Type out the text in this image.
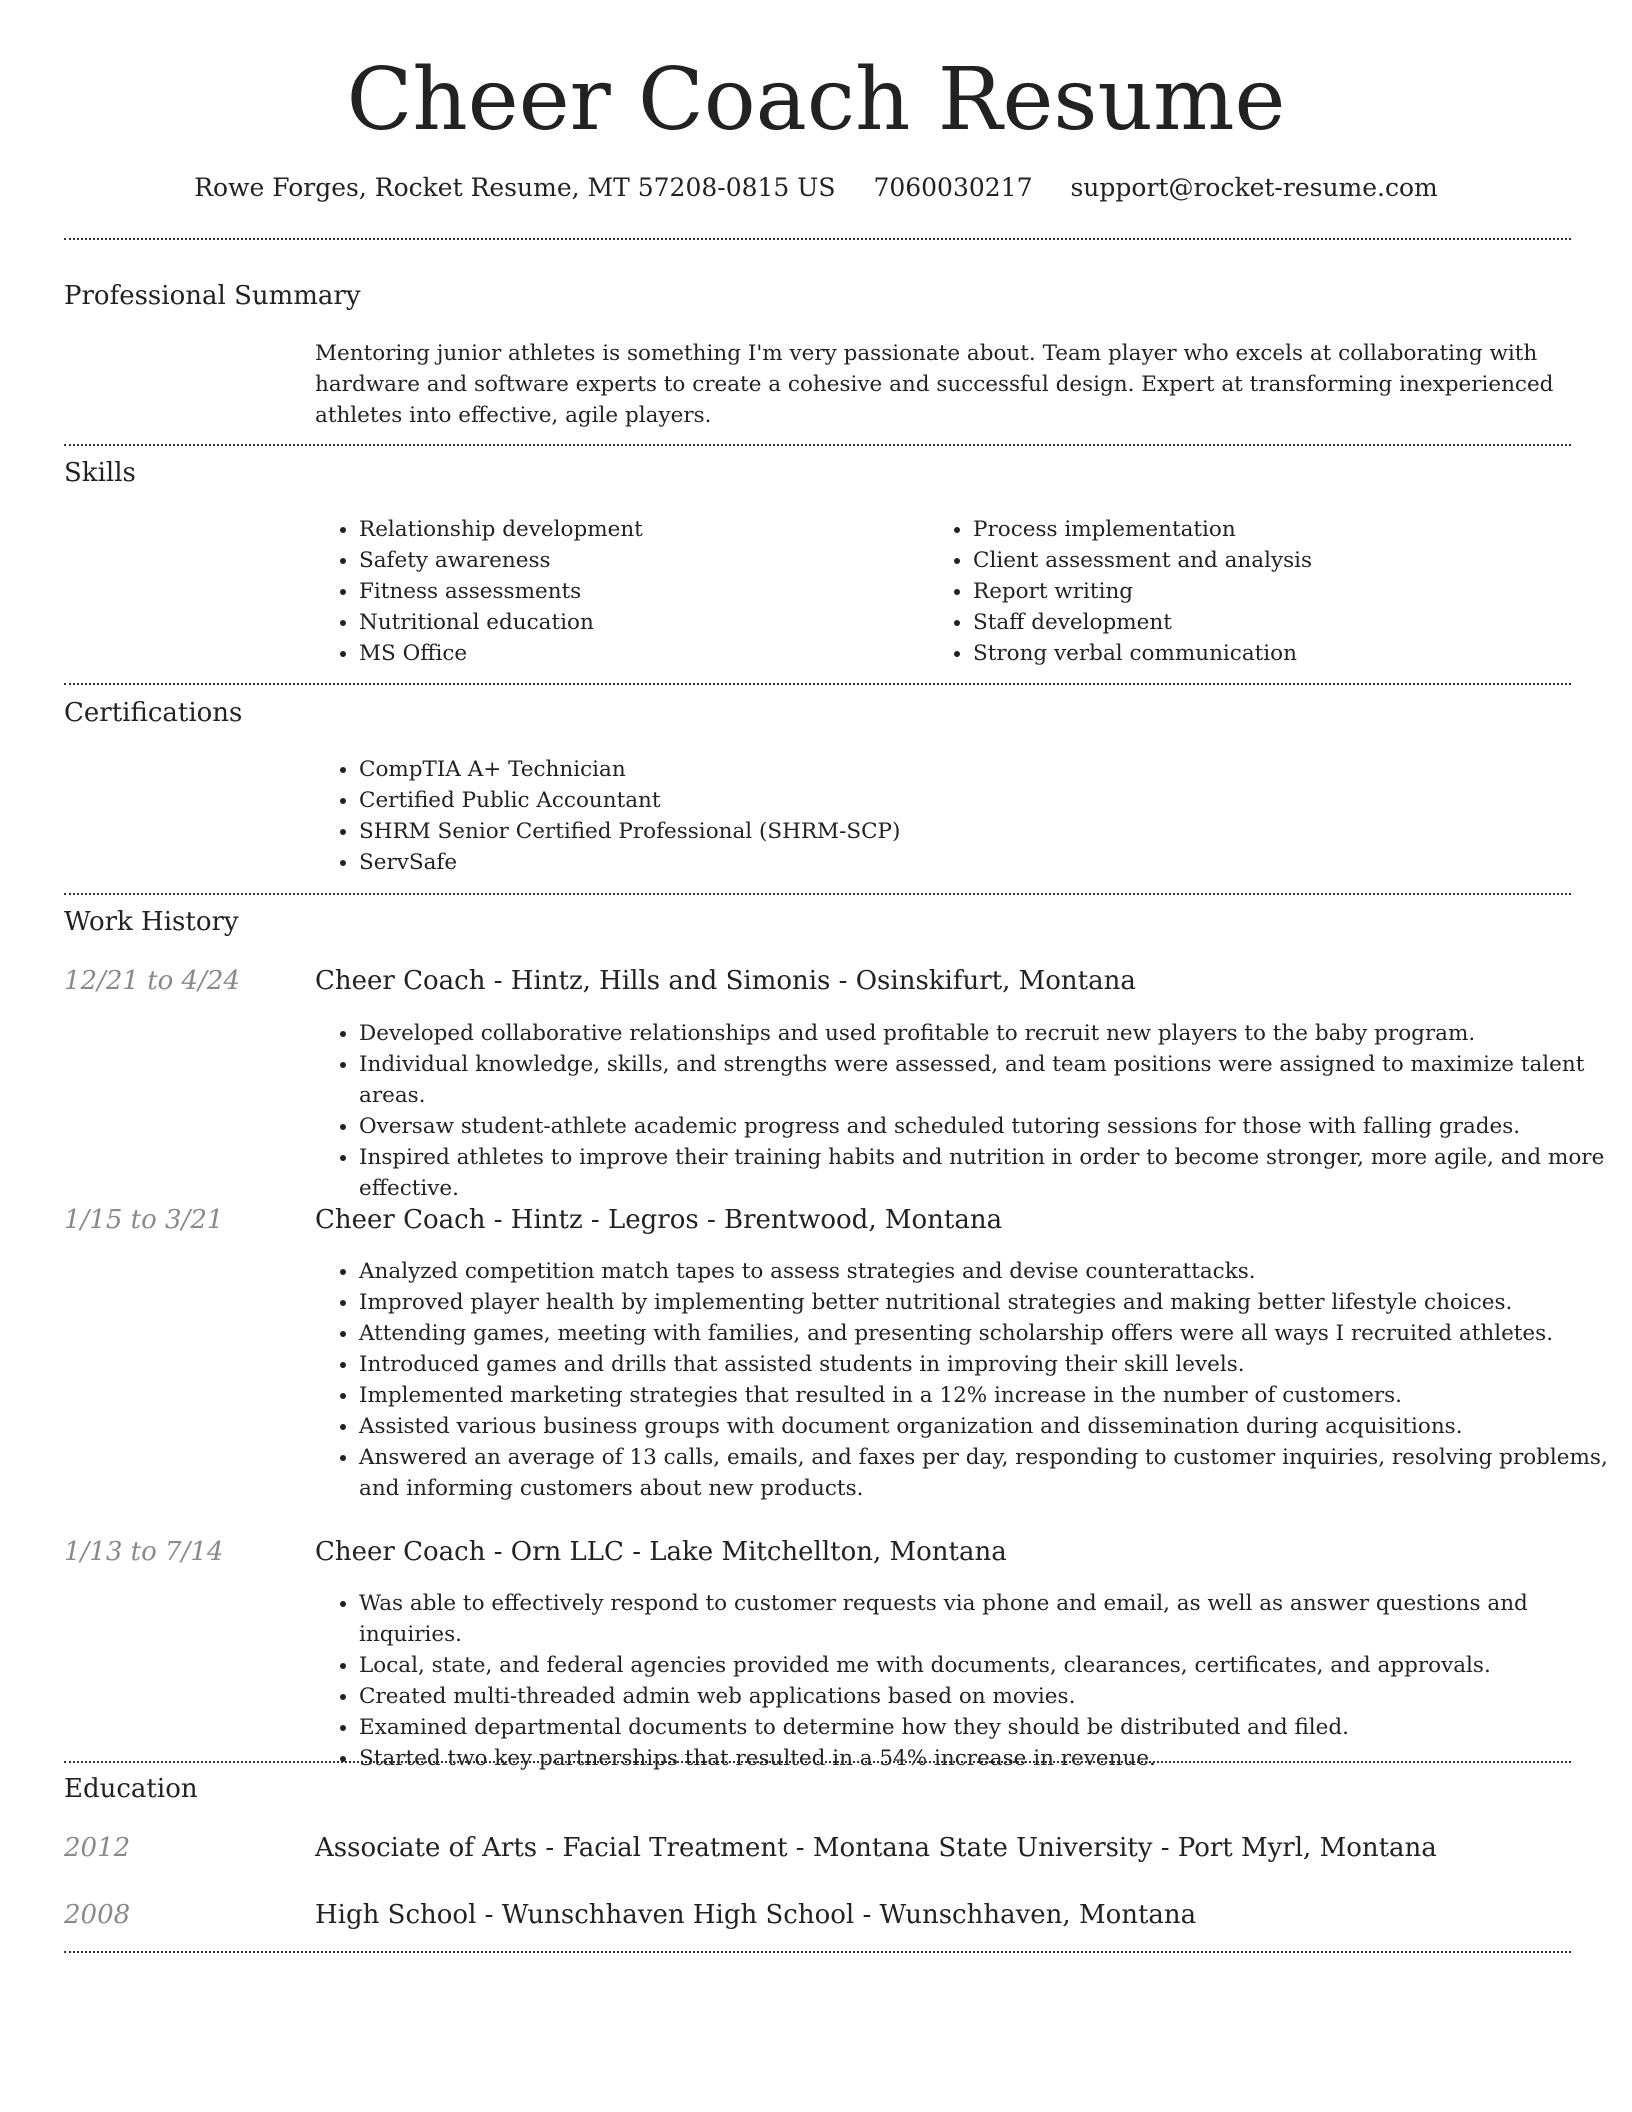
Cheer Coach Resume
Rowe Forges, Rocket Resume, MT 57208-0815 US 7060030217 support@rocket-resume.com
Professional Summary

Mentoring junior athletes is something I'm very passionate about. Team player who excels at collaborating with hardware and software experts to create a cohesive and successful design. Expert at transforming inexperienced athletes into effective, agile players.

Skills
• Relationship development
• Safety awareness
• Fitness assessments
• Nutritional education
• MS Office
• Process implementation
• Client assessment and analysis
• Report writing
• Staff development
• Strong verbal communication
Certifications
• CompTIA A+ Technician
• Certified Public Accountant
• SHRM Senior Certified Professional (SHRM-SCP)
• ServSafe
Work History
12/21 to 4/24	Cheer Coach - Hintz, Hills and Simonis - Osinskifurt, Montana
• Developed collaborative relationships and used profitable to recruit new players to the baby program.
• Individual knowledge, skills, and strengths were assessed, and team positions were assigned to maximize talent areas.
• Oversaw student-athlete academic progress and scheduled tutoring sessions for those with falling grades.
• Inspired athletes to improve their training habits and nutrition in order to become stronger, more agile, and more effective.
1/15 to 3/21	Cheer Coach - Hintz - Legros - Brentwood, Montana
• Analyzed competition match tapes to assess strategies and devise counterattacks.
• Improved player health by implementing better nutritional strategies and making better lifestyle choices.
• Attending games, meeting with families, and presenting scholarship offers were all ways I recruited athletes.
• Introduced games and drills that assisted students in improving their skill levels.
• Implemented marketing strategies that resulted in a 12% increase in the number of customers.
• Assisted various business groups with document organization and dissemination during acquisitions.
• Answered an average of 13 calls, emails, and faxes per day, responding to customer inquiries, resolving problems, and informing customers about new products.
1/13 to 7/14	Cheer Coach - Orn LLC - Lake Mitchellton, Montana
• Was able to effectively respond to customer requests via phone and email, as well as answer questions and inquiries.
• Local, state, and federal agencies provided me with documents, clearances, certificates, and approvals.
• Created multi-threaded admin web applications based on movies.
• Examined departmental documents to determine how they should be distributed and filed.
• Started two key partnerships that resulted in a 54% increase in revenue.
Education
2012	Associate of Arts - Facial Treatment - Montana State University - Port Myrl, Montana
2008	High School - Wunschhaven High School - Wunschhaven, Montana
